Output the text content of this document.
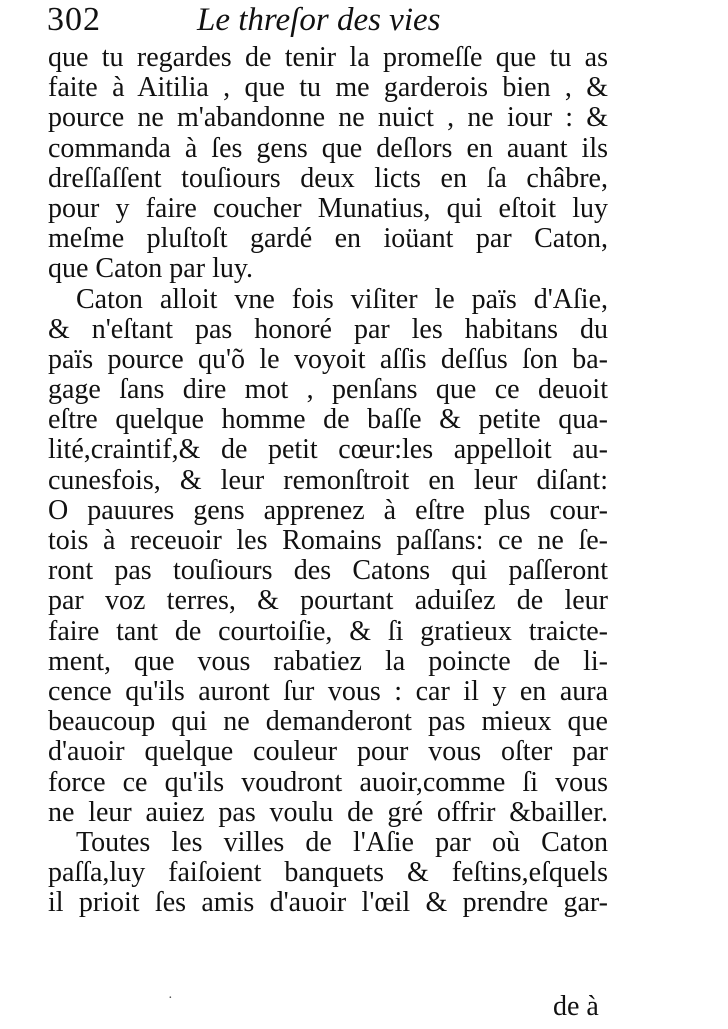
302	Le threſor des vies
que tu regardes de tenir la promeſſe que tu as
faite à Aitilia , que tu me garderois bien , &
pource ne m'abandonne ne nuict , ne iour : &
commanda à ſes gens que deſlors en auant ils
dreſſaſſent touſiours deux licts en ſa châbre,
pour y faire coucher Munatius, qui eſtoit luy
meſme pluſtoſt gardé en ioüant par Caton,
que Caton par luy.
Caton alloit vne fois viſiter le païs d'Aſie,
& n'eſtant pas honoré par les habitans du
païs pource qu'õ le voyoit aſſis deſſus ſon ba-
gage ſans dire mot , penſans que ce deuoit
eſtre quelque homme de baſſe & petite qua-
lité,craintif,& de petit cœur:les appelloit au-
cunesfois, & leur remonſtroit en leur diſant:
O pauures gens apprenez à eſtre plus cour-
tois à receuoir les Romains paſſans: ce ne ſe-
ront pas touſiours des Catons qui paſſeront
par voz terres, & pourtant aduiſez de leur
faire tant de courtoiſie, & ſi gratieux traicte-
ment, que vous rabatiez la poincte de li-
cence qu'ils auront ſur vous : car il y en aura
beaucoup qui ne demanderont pas mieux que
d'auoir quelque couleur pour vous oſter par
force ce qu'ils voudront auoir,comme ſi vous
ne leur auiez pas voulu de gré offrir &bailler.
Toutes les villes de l'Aſie par où Caton
paſſa,luy faiſoient banquets & feſtins,eſquels
il prioit ſes amis d'auoir l'œil & prendre gar-
·	de à
